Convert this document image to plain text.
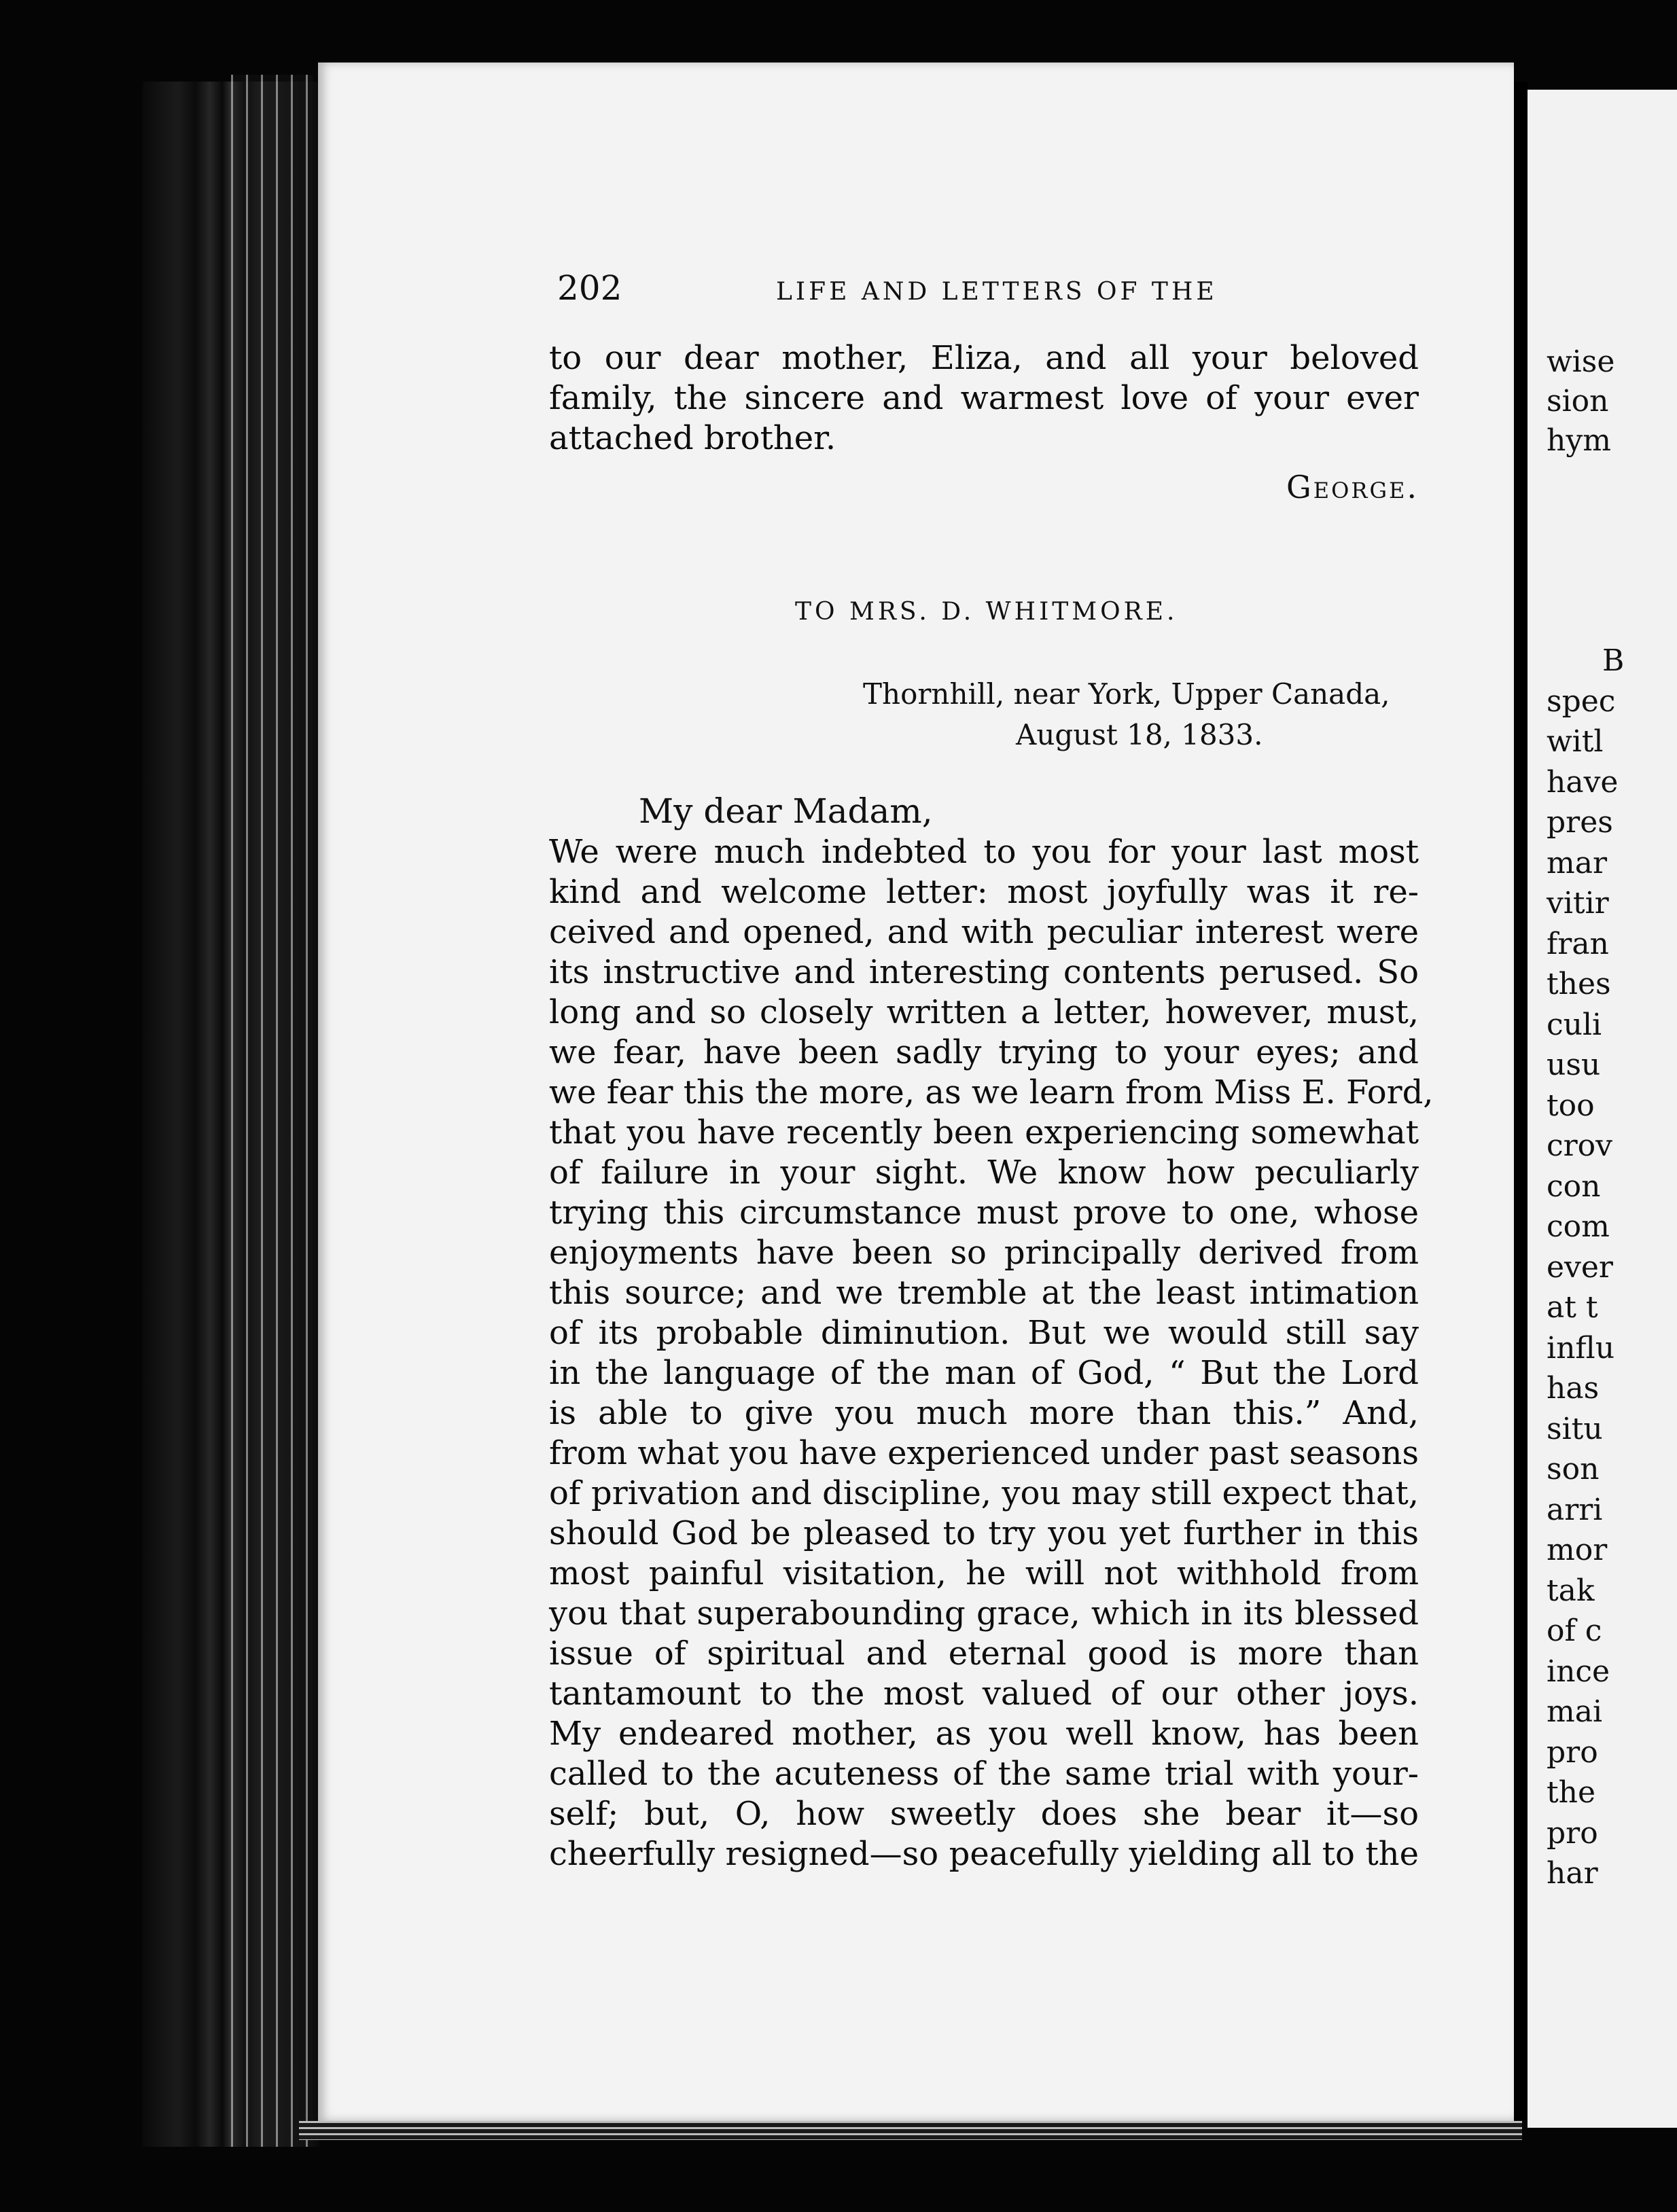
wise
sion
hym
B
spec
witl
have
pres
mar
vitir
fran
thes
culi
usu
too
crov
con
com
ever
at t
influ
has
situ
son
arri
mor
tak
of c
ince
mai
pro
the
pro
har
202	LIFE AND LETTERS OF THE
to our dear mother, Eliza, and all your beloved
family, the sincere and warmest love of your ever
attached brother.
George.
TO MRS. D. WHITMORE.
Thornhill, near York, Upper Canada,
August 18, 1833.
My dear Madam,
We were much indebted to you for your last most
kind and welcome letter: most joyfully was it re-
ceived and opened, and with peculiar interest were
its instructive and interesting contents perused. So
long and so closely written a letter, however, must,
we fear, have been sadly trying to your eyes; and
we fear this the more, as we learn from Miss E. Ford,
that you have recently been experiencing somewhat
of failure in your sight. We know how peculiarly
trying this circumstance must prove to one, whose
enjoyments have been so principally derived from
this source; and we tremble at the least intimation
of its probable diminution. But we would still say
in the language of the man of God, “ But the Lord
is able to give you much more than this.” And,
from what you have experienced under past seasons
of privation and discipline, you may still expect that,
should God be pleased to try you yet further in this
most painful visitation, he will not withhold from
you that superabounding grace, which in its blessed
issue of spiritual and eternal good is more than
tantamount to the most valued of our other joys.
My endeared mother, as you well know, has been
called to the acuteness of the same trial with your-
self; but, O, how sweetly does she bear it—so
cheerfully resigned—so peacefully yielding all to the
